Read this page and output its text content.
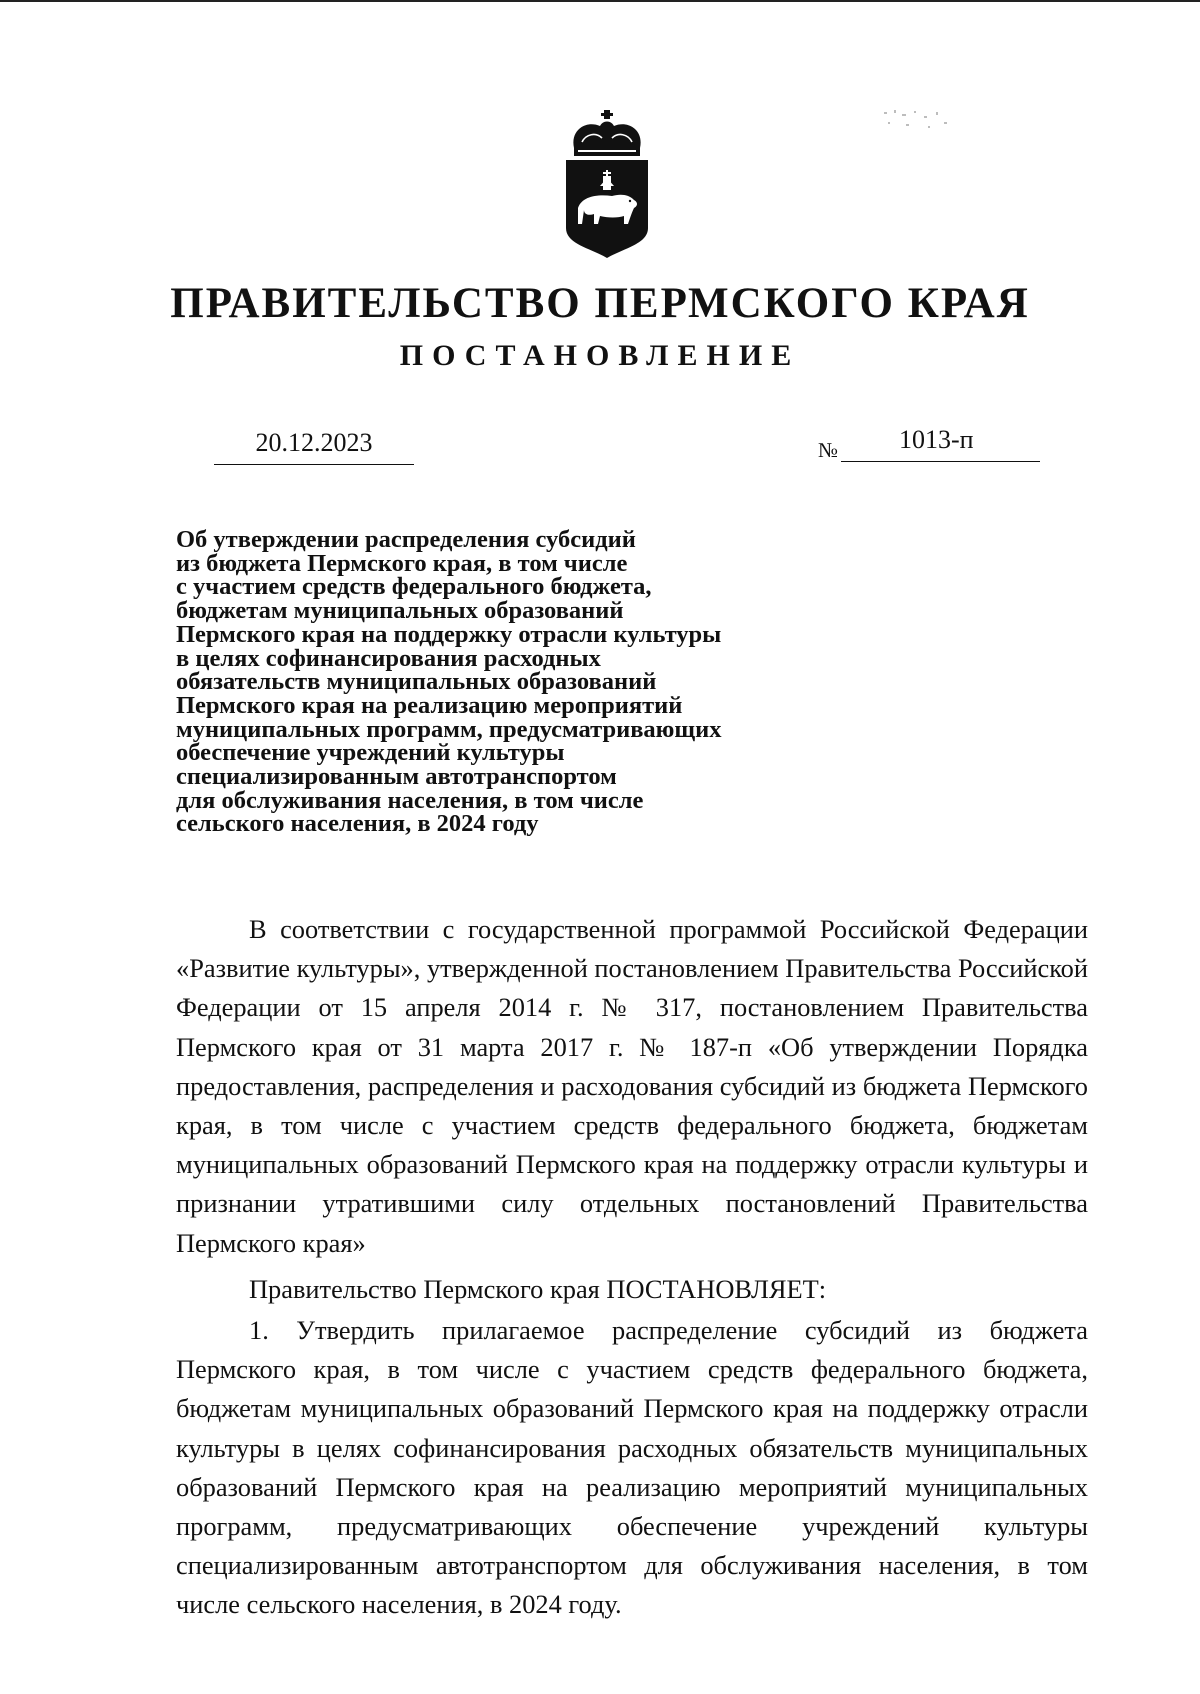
ПРАВИТЕЛЬСТВО ПЕРМСКОГО КРАЯ
ПОСТАНОВЛЕНИЕ
20.12.2023	№ 1013-п
Об утверждении распределения субсидий
из бюджета Пермского края, в том числе
с участием средств федерального бюджета,
бюджетам муниципальных образований
Пермского края на поддержку отрасли культуры
в целях софинансирования расходных
обязательств муниципальных образований
Пермского края на реализацию мероприятий
муниципальных программ, предусматривающих
обеспечение учреждений культуры
специализированным автотранспортом
для обслуживания населения, в том числе
сельского населения, в 2024 году

В соответствии с государственной программой Российской Федерации «Развитие культуры», утвержденной постановлением Правительства Российской Федерации от 15 апреля 2014 г. № 317, постановлением Правительства Пермского края от 31 марта 2017 г. № 187-п «Об утверждении Порядка предоставления, распределения и расходования субсидий из бюджета Пермского края, в том числе с участием средств федерального бюджета, бюджетам муниципальных образований Пермского края на поддержку отрасли культуры и признании утратившими силу отдельных постановлений Правительства Пермского края»

Правительство Пермского края ПОСТАНОВЛЯЕТ:

1. Утвердить прилагаемое распределение субсидий из бюджета Пермского края, в том числе с участием средств федерального бюджета, бюджетам муниципальных образований Пермского края на поддержку отрасли культуры в целях софинансирования расходных обязательств муниципальных образований Пермского края на реализацию мероприятий муниципальных программ, предусматривающих обеспечение учреждений культуры специализированным автотранспортом для обслуживания населения, в том числе сельского населения, в 2024 году.
